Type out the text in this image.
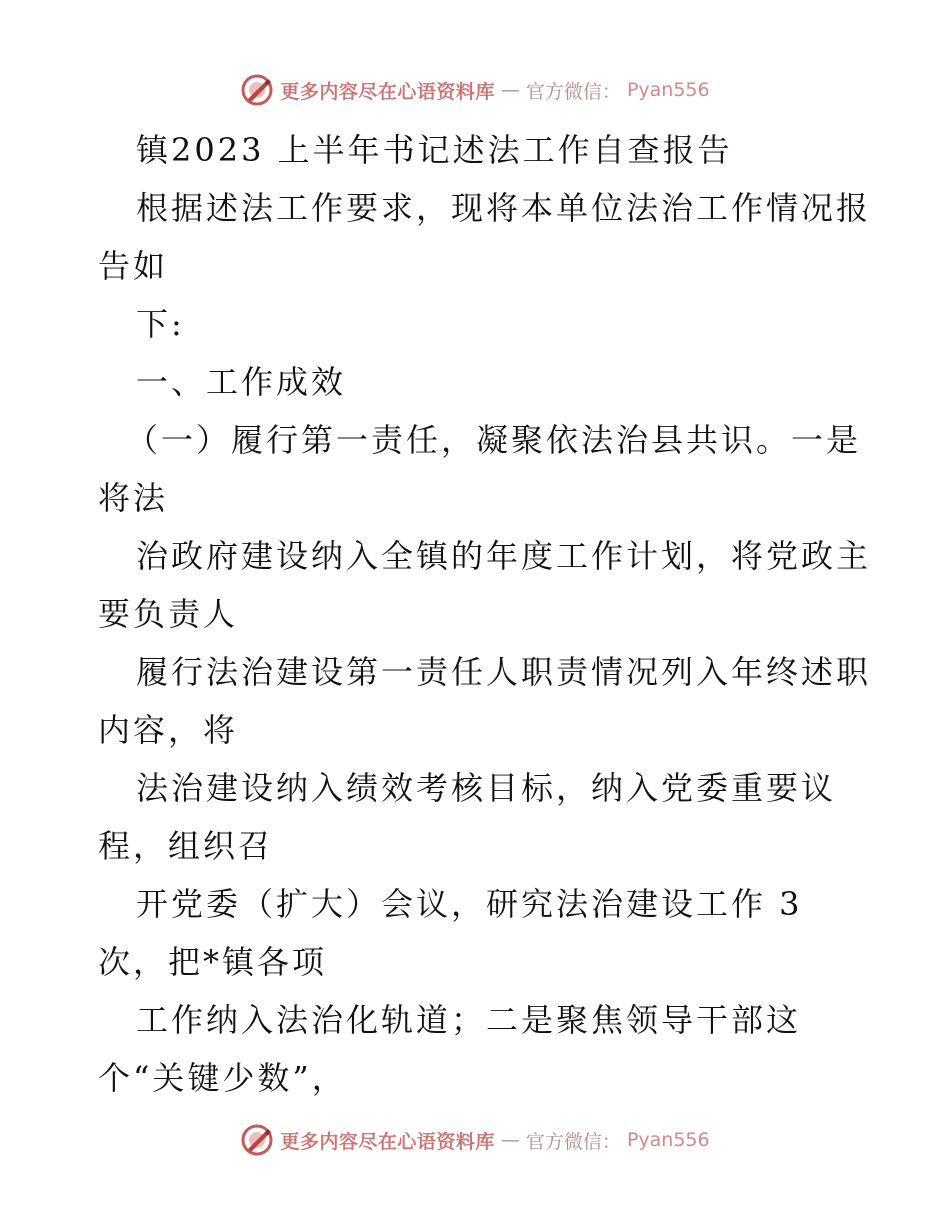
更多内容尽在心语资料库 — 官方微信： Pyan556
镇2023 上半年书记述法工作自查报告
根据述法工作要求，现将本单位法治工作情况报
告如
下:
一、工作成效
（一）履行第一责任，凝聚依法治县共识。一是
将法
治政府建设纳入全镇的年度工作计划，将党政主
要负责人
履行法治建设第一责任人职责情况列入年终述职
内容，将
法治建设纳入绩效考核目标，纳入党委重要议
程，组织召
开党委（扩大）会议，研究法治建设工作 3
次，把*镇各项
工作纳入法治化轨道；二是聚焦领导干部这
个“关键少数”，
更多内容尽在心语资料库 — 官方微信： Pyan556
